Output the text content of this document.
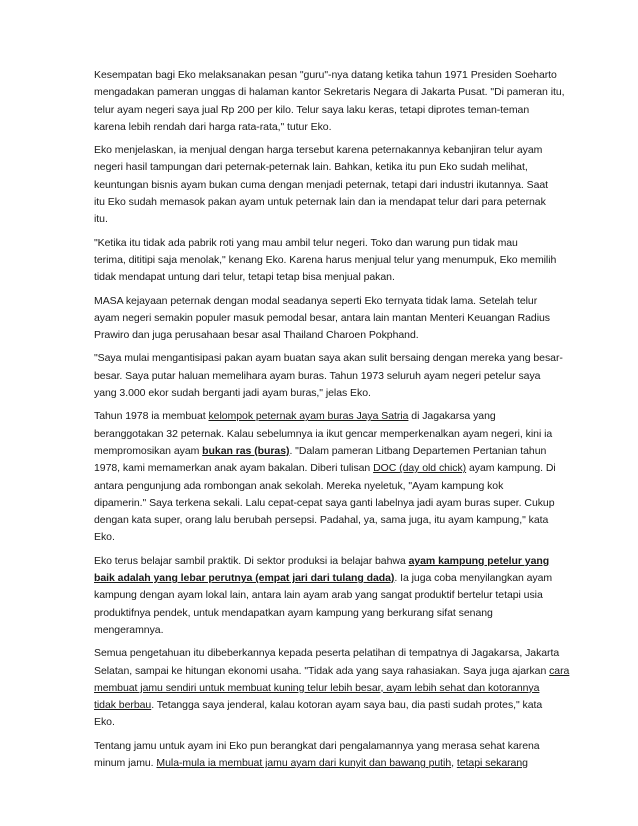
Kesempatan bagi Eko melaksanakan pesan "guru"-nya datang ketika tahun 1971 Presiden Soeharto
mengadakan pameran unggas di halaman kantor Sekretaris Negara di Jakarta Pusat. "Di pameran itu,
telur ayam negeri saya jual Rp 200 per kilo. Telur saya laku keras, tetapi diprotes teman-teman
karena lebih rendah dari harga rata-rata," tutur Eko.

Eko menjelaskan, ia menjual dengan harga tersebut karena peternakannya kebanjiran telur ayam
negeri hasil tampungan dari peternak-peternak lain. Bahkan, ketika itu pun Eko sudah melihat,
keuntungan bisnis ayam bukan cuma dengan menjadi peternak, tetapi dari industri ikutannya. Saat
itu Eko sudah memasok pakan ayam untuk peternak lain dan ia mendapat telur dari para peternak
itu.

"Ketika itu tidak ada pabrik roti yang mau ambil telur negeri. Toko dan warung pun tidak mau
terima, dititipi saja menolak," kenang Eko. Karena harus menjual telur yang menumpuk, Eko memilih
tidak mendapat untung dari telur, tetapi tetap bisa menjual pakan.

MASA kejayaan peternak dengan modal seadanya seperti Eko ternyata tidak lama. Setelah telur
ayam negeri semakin populer masuk pemodal besar, antara lain mantan Menteri Keuangan Radius
Prawiro dan juga perusahaan besar asal Thailand Charoen Pokphand.

"Saya mulai mengantisipasi pakan ayam buatan saya akan sulit bersaing dengan mereka yang besar-
besar. Saya putar haluan memelihara ayam buras. Tahun 1973 seluruh ayam negeri petelur saya
yang 3.000 ekor sudah berganti jadi ayam buras," jelas Eko.

Tahun 1978 ia membuat kelompok peternak ayam buras Jaya Satria di Jagakarsa yang
beranggotakan 32 peternak. Kalau sebelumnya ia ikut gencar memperkenalkan ayam negeri, kini ia
mempromosikan ayam bukan ras (buras). "Dalam pameran Litbang Departemen Pertanian tahun
1978, kami memamerkan anak ayam bakalan. Diberi tulisan DOC (day old chick) ayam kampung. Di
antara pengunjung ada rombongan anak sekolah. Mereka nyeletuk, "Ayam kampung kok
dipamerin." Saya terkena sekali. Lalu cepat-cepat saya ganti labelnya jadi ayam buras super. Cukup
dengan kata super, orang lalu berubah persepsi. Padahal, ya, sama juga, itu ayam kampung," kata
Eko.

Eko terus belajar sambil praktik. Di sektor produksi ia belajar bahwa ayam kampung petelur yang
baik adalah yang lebar perutnya (empat jari dari tulang dada). Ia juga coba menyilangkan ayam
kampung dengan ayam lokal lain, antara lain ayam arab yang sangat produktif bertelur tetapi usia
produktifnya pendek, untuk mendapatkan ayam kampung yang berkurang sifat senang
mengeramnya.

Semua pengetahuan itu dibeberkannya kepada peserta pelatihan di tempatnya di Jagakarsa, Jakarta
Selatan, sampai ke hitungan ekonomi usaha. "Tidak ada yang saya rahasiakan. Saya juga ajarkan cara
membuat jamu sendiri untuk membuat kuning telur lebih besar, ayam lebih sehat dan kotorannya
tidak berbau. Tetangga saya jenderal, kalau kotoran ayam saya bau, dia pasti sudah protes," kata
Eko.

Tentang jamu untuk ayam ini Eko pun berangkat dari pengalamannya yang merasa sehat karena
minum jamu. Mula-mula ia membuat jamu ayam dari kunyit dan bawang putih, tetapi sekarang
